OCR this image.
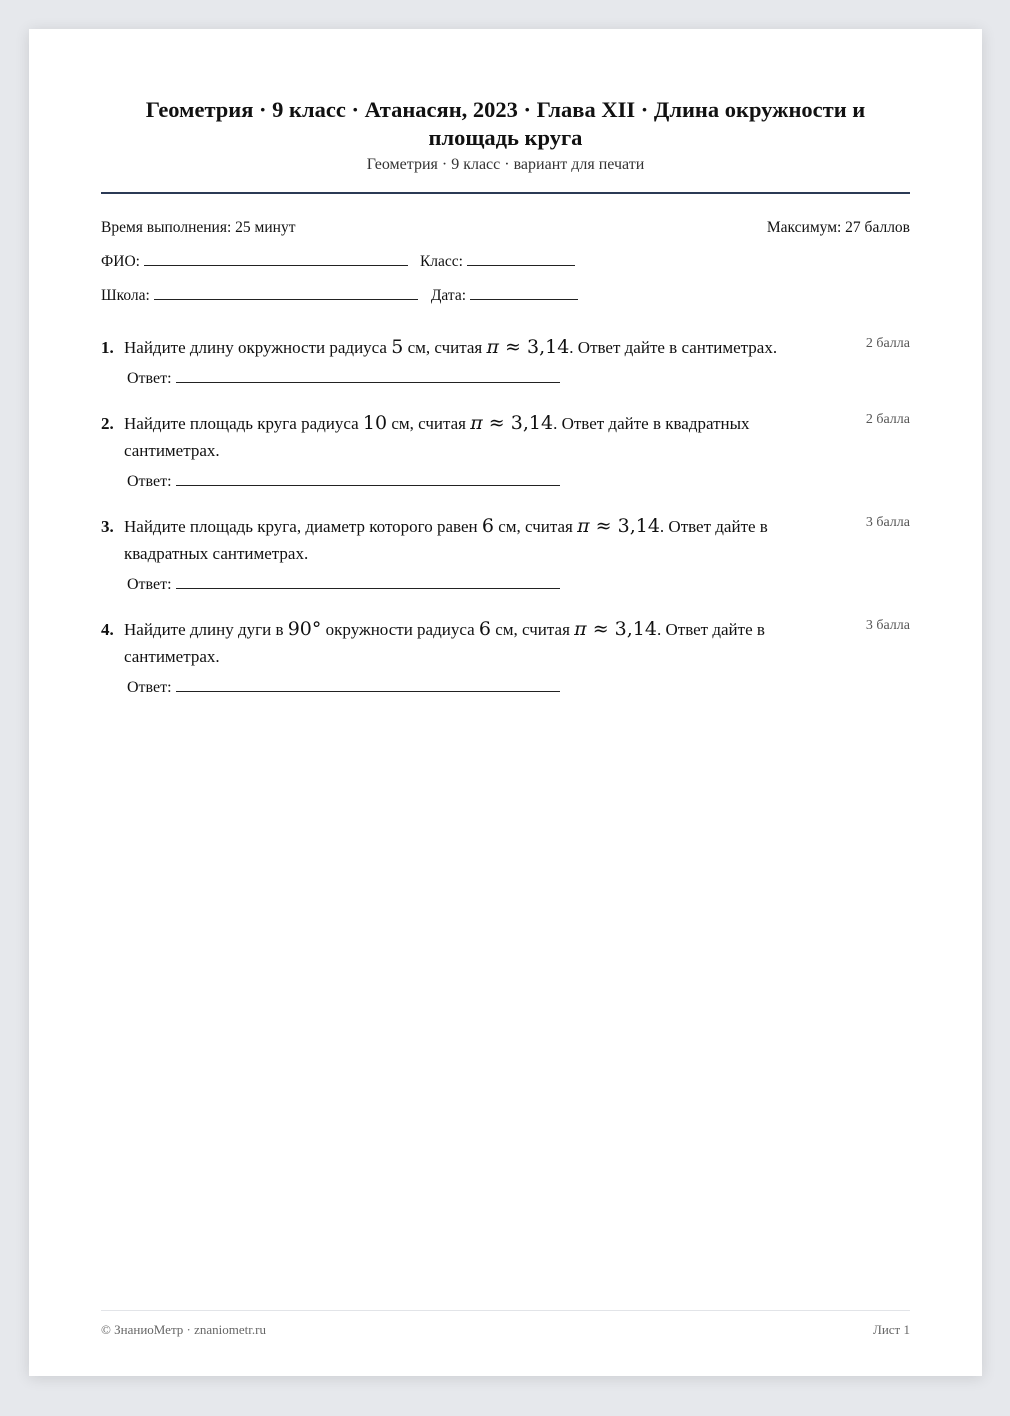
Геометрия · 9 класс · Атанасян, 2023 · Глава XII · Длина окружности и площадь круга
Геометрия · 9 класс · вариант для печати
Время выполнения: 25 минут	Максимум: 27 баллов
ФИО:	Класс:
Школа:	Дата:
1. Найдите длину окружности радиуса 5 см, считая π ≈ 3,14. Ответ дайте в сантиметрах.	2 балла
Ответ:
2. Найдите площадь круга радиуса 10 см, считая π ≈ 3,14. Ответ дайте в квадратных сантиметрах.
2 балла
Ответ:
3. Найдите площадь круга, диаметр которого равен 6 см, считая π ≈ 3,14. Ответ дайте в квадратных сантиметрах.
3 балла
Ответ:
4. Найдите длину дуги в 90° окружности радиуса 6 см, считая π ≈ 3,14. Ответ дайте в сантиметрах.
3 балла
Ответ:
© ЗнаниоМетр · znaniometr.ru	Лист 1
